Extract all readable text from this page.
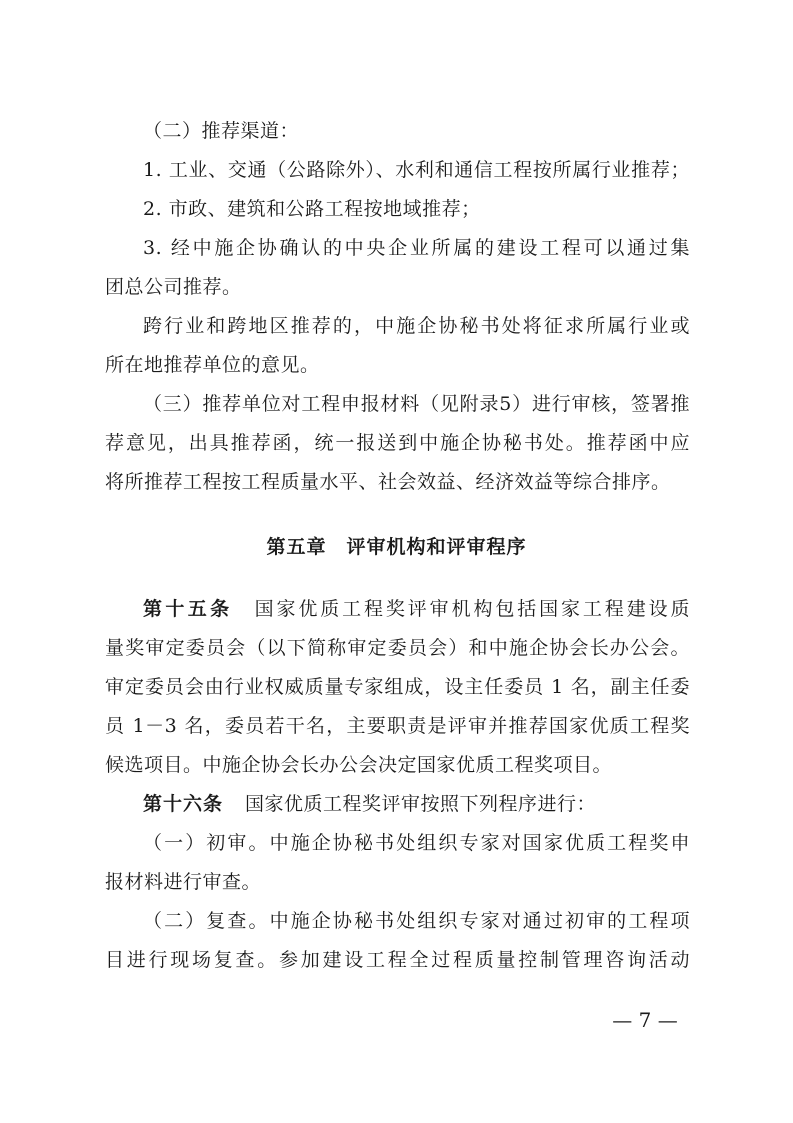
（二）推荐渠道：
1. 工业、交通（公路除外）、水利和通信工程按所属行业推荐；
2. 市政、建筑和公路工程按地域推荐；
3. 经中施企协确认的中央企业所属的建设工程可以通过集
团总公司推荐。
跨行业和跨地区推荐的，中施企协秘书处将征求所属行业或
所在地推荐单位的意见。
（三）推荐单位对工程申报材料（见附录5）进行审核，签署推
荐意见，出具推荐函，统一报送到中施企协秘书处。推荐函中应
将所推荐工程按工程质量水平、社会效益、经济效益等综合排序。
第五章　评审机构和评审程序
第十五条 国家优质工程奖评审机构包括国家工程建设质
量奖审定委员会（以下简称审定委员会）和中施企协会长办公会。
审定委员会由行业权威质量专家组成，设主任委员 1 名，副主任委
员 1－3 名，委员若干名，主要职责是评审并推荐国家优质工程奖
候选项目。中施企协会长办公会决定国家优质工程奖项目。
第十六条 国家优质工程奖评审按照下列程序进行：
（一）初审。中施企协秘书处组织专家对国家优质工程奖申
报材料进行审查。
（二）复查。中施企协秘书处组织专家对通过初审的工程项
目进行现场复查。参加建设工程全过程质量控制管理咨询活动
— 7 —
